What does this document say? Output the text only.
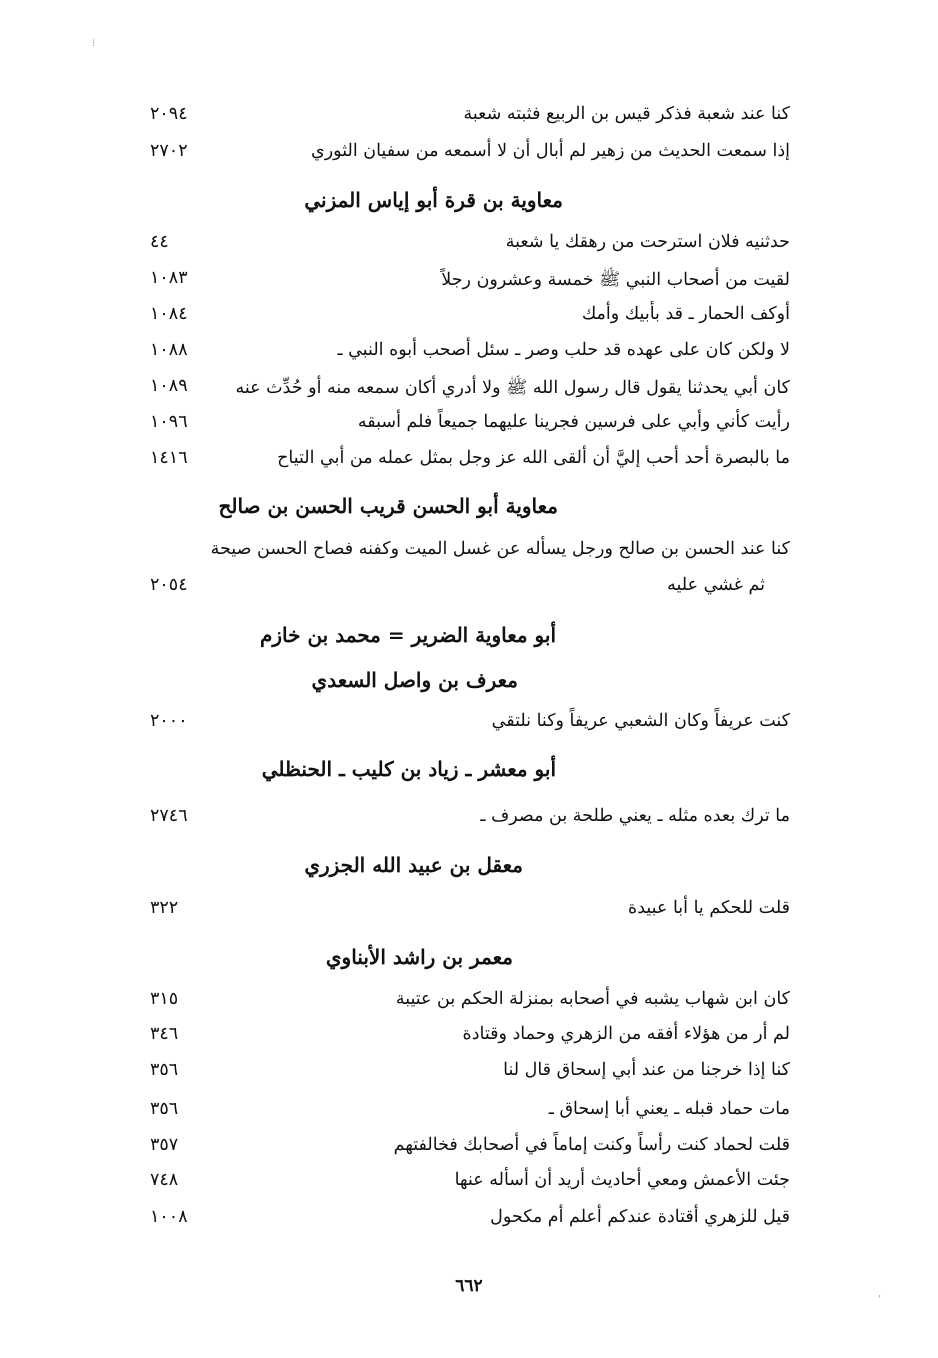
⁝
كنا عند شعبة فذكر قيس بن الربيع فثبته شعبة
٢٠٩٤
إذا سمعت الحديث من زهير لم أبال أن لا أسمعه من سفيان الثوري
٢٧٠٢
معاوية بن قرة أبو إياس المزني
حدثنيه فلان استرحت من رهقك يا شعبة
٤٤
لقيت من أصحاب النبي ﷺ خمسة وعشرون رجلاً
١٠٨٣
أوكف الحمار ـ قد بأبيك وأمك
١٠٨٤
لا ولكن كان على عهده قد حلب وصر ـ سئل أصحب أبوه النبي ـ
١٠٨٨
كان أبي يحدثنا يقول قال رسول الله ﷺ ولا أدري أكان سمعه منه أو حُدِّث عنه
١٠٨٩
رأيت كأني وأبي على فرسين فجرينا عليهما جميعاً فلم أسبقه
١٠٩٦
ما بالبصرة أحد أحب إليَّ أن ألقى الله عز وجل بمثل عمله من أبي التياح
١٤١٦
معاوية أبو الحسن قريب الحسن بن صالح
كنا عند الحسن بن صالح ورجل يسأله عن غسل الميت وكفنه فصاح الحسن صيحة
ثم غشي عليه
٢٠٥٤
أبو معاوية الضرير = محمد بن خازم
معرف بن واصل السعدي
كنت عريفاً وكان الشعبي عريفاً وكنا نلتقي
٢٠٠٠
أبو معشر ـ زياد بن كليب ـ الحنظلي
ما ترك بعده مثله ـ يعني طلحة بن مصرف ـ
٢٧٤٦
معقل بن عبيد الله الجزري
قلت للحكم يا أبا عبيدة
٣٢٢
معمر بن راشد الأبناوي
كان ابن شهاب يشبه في أصحابه بمنزلة الحكم بن عتيبة
٣١٥
لم أر من هؤلاء أفقه من الزهري وحماد وقتادة
٣٤٦
كنا إذا خرجنا من عند أبي إسحاق قال لنا
٣٥٦
مات حماد قبله ـ يعني أبا إسحاق ـ
٣٥٦
قلت لحماد كنت رأساً وكنت إماماً في أصحابك فخالفتهم
٣٥٧
جئت الأعمش ومعي أحاديث أريد أن أسأله عنها
٧٤٨
قيل للزهري أقتادة عندكم أعلم أم مكحول
١٠٠٨
٦٦٢	,
